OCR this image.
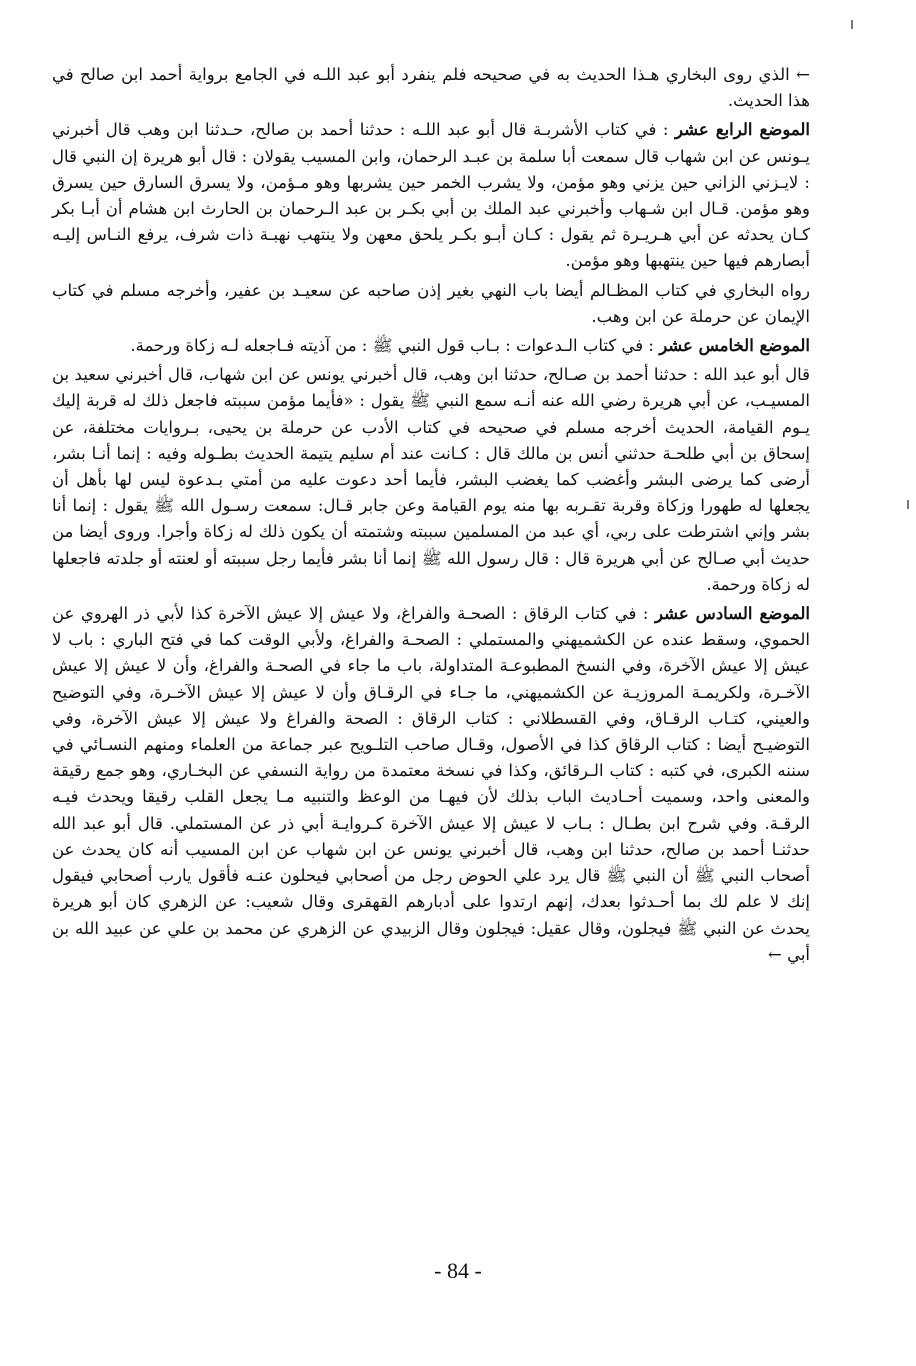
← الذي روى البخاري هـذا الحديث به في صحيحه فلم ينفرد أبو عبد اللـه في الجامع برواية أحمد ابن صالح في هذا الحديث.

الموضع الرابع عشر : في كتاب الأشربـة قال أبو عبد اللـه : حدثنا أحمد بن صالح، حـدثنا ابن وهب قال أخبرني يـونس عن ابن شهاب قال سمعت أبا سلمة بن عبـد الرحمان، وابن المسيب يقولان : قال أبو هريرة إن النبي قال : لايـزني الزاني حين يزني وهو مؤمن، ولا يشرب الخمر حين يشربها وهو مـؤمن، ولا يسرق السارق حين يسرق وهو مؤمن. قـال ابن شـهاب وأخبرني عبد الملك بن أبي بكـر بن عبد الـرحمان بن الحارث ابن هشام أن أبـا بكر كـان يحدثه عن أبي هـريـرة ثم يقول : كـان أبـو بكـر يلحق معهن ولا ينتهب نهبـة ذات شرف، يرفع النـاس إليـه أبصارهم فيها حين ينتهبها وهو مؤمن.

رواه البخاري في كتاب المظـالم أيضا باب النهي بغير إذن صاحبه عن سعيـد بن عفير، وأخرجه مسلم في كتاب الإيمان عن حرملة عن ابن وهب.

الموضع الخامس عشر : في كتاب الـدعوات : بـاب قول النبي ﷺ : من آذيته فـاجعله لـه زكاة ورحمة.

قال أبو عبد الله : حدثنا أحمد بن صـالح، حدثنا ابن وهب، قال أخبرني يونس عن ابن شهاب، قال أخبرني سعيد بن المسيـب، عن أبي هريرة رضي الله عنه أنـه سمع النبي ﷺ يقول : «فأيما مؤمن سببته فاجعل ذلك له قربة إليك يـوم القيامة، الحديث أخرجه مسلم في صحيحه في كتاب الأدب عن حرملة بن يحيى، بـروايات مختلفة، عن إسحاق بن أبي طلحـة حدثني أنس بن مالك قال : كـانت عند أم سليم يتيمة الحديث بطـوله وفيه : إنما أنـا بشر، أرضى كما يرضى البشر وأغضب كما يغضب البشر، فأيما أحد دعوت عليه من أمتي بـدعوة ليس لها بأهل أن يجعلها له طهورا وزكاة وقربة تقـربه بها منه يوم القيامة وعن جابر قـال: سمعت رسـول الله ﷺ يقول : إنما أنا بشر وإني اشترطت على ربي، أي عبد من المسلمين سببته وشتمته أن يكون ذلك له زكاة وأجرا. وروى أيضا من حديث أبي صـالح عن أبي هريرة قال : قال رسول الله ﷺ إنما أنا بشر فأيما رجل سببته أو لعنته أو جلدته فاجعلها له زكاة ورحمة.

الموضع السادس عشر : في كتاب الرقاق : الصحـة والفراغ، ولا عيش إلا عيش الآخرة كذا لأبي ذر الهروي عن الحموي، وسقط عنده عن الكشميهني والمستملي : الصحـة والفراغ، ولأبي الوقت كما في فتح الباري : باب لا عيش إلا عيش الآخرة، وفي النسخ المطبوعـة المتداولة، باب ما جاء في الصحـة والفراغ، وأن لا عيش إلا عيش الآخـرة، ولكريمـة المروزيـة عن الكشميهني، ما جـاء في الرقـاق وأن لا عيش إلا عيش الآخـرة، وفي التوضيح والعيني، كتـاب الرقـاق، وفي القسطلاني : كتاب الرقاق : الصحة والفراغ ولا عيش إلا عيش الآخرة، وفي التوضيـح أيضا : كتاب الرقاق كذا في الأصول، وقـال صاحب التلـويح عبر جماعة من العلماء ومنهم النسـائي في سننه الكبرى، في كتبه : كتاب الـرقائق، وكذا في نسخة معتمدة من رواية النسفي عن البخـاري، وهو جمع رقيقة والمعنى واحد، وسميت أحـاديث الباب بذلك لأن فيهـا من الوعظ والتنبيه مـا يجعل القلب رقيقا ويحدث فيـه الرقـة. وفي شرح ابن بطـال : بـاب لا عيش إلا عيش الآخرة كـروايـة أبي ذر عن المستملي. قال أبو عبد الله حدثنـا أحمد بن صالح، حدثنا ابن وهب، قال أخبرني يونس عن ابن شهاب عن ابن المسيب أنه كان يحدث عن أصحاب النبي ﷺ أن النبي ﷺ قال يرد علي الحوض رجل من أصحابي فيحلون عنـه فأقول يارب أصحابي فيقول إنك لا علم لك بما أحـدثوا بعدك، إنهم ارتدوا على أدبارهم القهقرى وقال شعيب: عن الزهري كان أبو هريرة يحدث عن النبي ﷺ فيجلون، وقال عقيل: فيجلون وقال الزبيدي عن الزهري عن محمد بن علي عن عبيد الله بن أبي ←

- 84 -
